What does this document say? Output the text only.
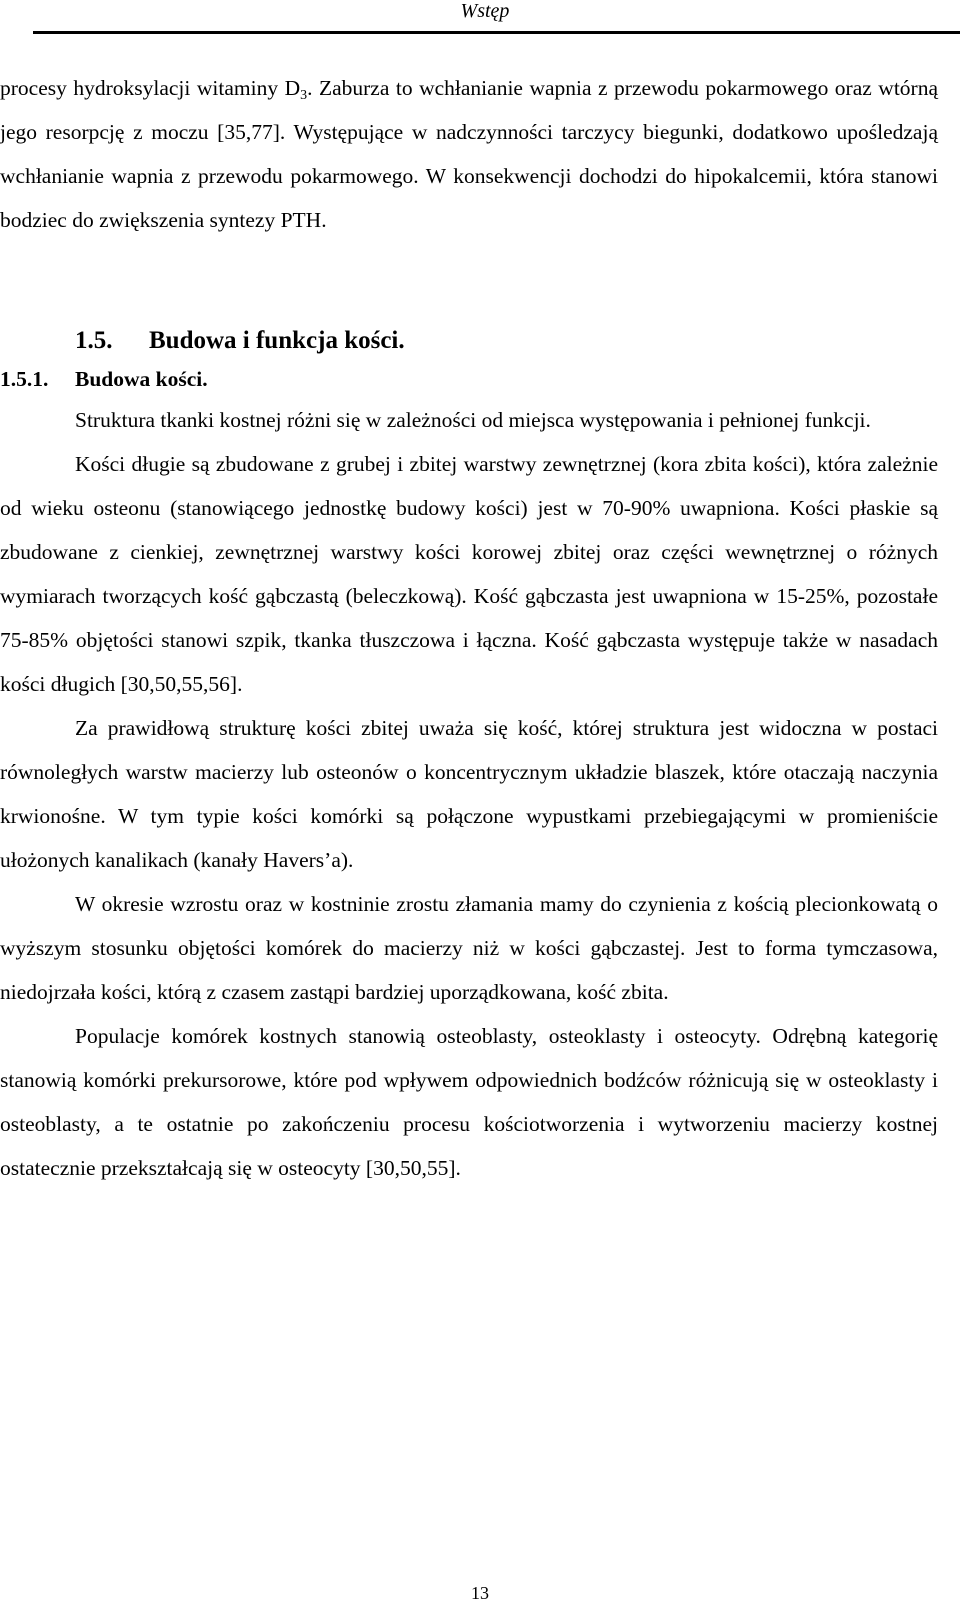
Wstęp

procesy hydroksylacji witaminy $D_3$. Zaburza to wchłanianie wapnia z przewodu pokarmowego oraz wtórną jego resorpcję z moczu [35,77]. Występujące w nadczynności tarczycy biegunki, dodatkowo upośledzają wchłanianie wapnia z przewodu pokarmowego. W konsekwencji dochodzi do hipokalcemii, która stanowi bodziec do zwiększenia syntezy PTH.

1.5. Budowa i funkcja kości.
1.5.1. Budowa kości.

Struktura tkanki kostnej różni się w zależności od miejsca występowania i pełnionej funkcji.

Kości długie są zbudowane z grubej i zbitej warstwy zewnętrznej (kora zbita kości), która zależnie od wieku osteonu (stanowiącego jednostkę budowy kości) jest w 70-90% uwapniona. Kości płaskie są zbudowane z cienkiej, zewnętrznej warstwy kości korowej zbitej oraz części wewnętrznej o różnych wymiarach tworzących kość gąbczastą (beleczkową). Kość gąbczasta jest uwapniona w 15-25%, pozostałe 75-85% objętości stanowi szpik, tkanka tłuszczowa i łączna. Kość gąbczasta występuje także w nasadach kości długich [30,50,55,56].

Za prawidłową strukturę kości zbitej uważa się kość, której struktura jest widoczna w postaci równoległych warstw macierzy lub osteonów o koncentrycznym układzie blaszek, które otaczają naczynia krwionośne. W tym typie kości komórki są połączone wypustkami przebiegającymi w promieniście ułożonych kanalikach (kanały Havers’a).

W okresie wzrostu oraz w kostninie zrostu złamania mamy do czynienia z kością plecionkowatą o wyższym stosunku objętości komórek do macierzy niż w kości gąbczastej. Jest to forma tymczasowa, niedojrzała kości, którą z czasem zastąpi bardziej uporządkowana, kość zbita.

Populacje komórek kostnych stanowią osteoblasty, osteoklasty i osteocyty. Odrębną kategorię stanowią komórki prekursorowe, które pod wpływem odpowiednich bodźców różnicują się w osteoklasty i osteoblasty, a te ostatnie po zakończeniu procesu kościotworzenia i wytworzeniu macierzy kostnej ostatecznie przekształcają się w osteocyty [30,50,55].

13
